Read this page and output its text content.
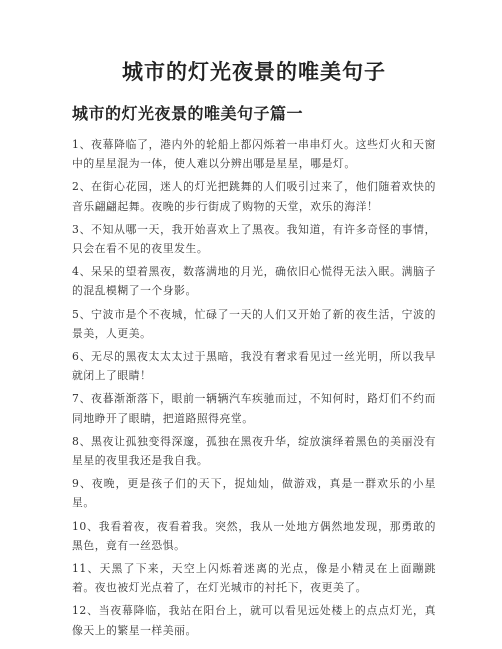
城市的灯光夜景的唯美句子
城市的灯光夜景的唯美句子篇一
1、夜幕降临了，港内外的轮船上都闪烁着一串串灯火。这些灯火和天窗中的星星混为一体，使人难以分辨出哪是星星，哪是灯。
2、在街心花园，迷人的灯光把跳舞的人们吸引过来了，他们随着欢快的音乐翩翩起舞。夜晚的步行街成了购物的天堂，欢乐的海洋！
3、不知从哪一天，我开始喜欢上了黑夜。我知道，有许多奇怪的事情，只会在看不见的夜里发生。
4、呆呆的望着黑夜，数落满地的月光，确依旧心慌得无法入眠。满脑子的混乱模糊了一个身影。
5、宁波市是个不夜城，忙碌了一天的人们又开始了新的夜生活，宁波的景美，人更美。
6、无尽的黑夜太太太过于黑暗，我没有奢求看见过一丝光明，所以我早就闭上了眼睛！
7、夜暮渐渐落下，眼前一辆辆汽车疾驰而过，不知何时，路灯们不约而同地睁开了眼睛，把道路照得亮堂。
8、黑夜让孤独变得深邃，孤独在黑夜升华，绽放演绎着黑色的美丽没有星星的夜里我还是我自我。
9、夜晚，更是孩子们的天下，捉灿灿，做游戏，真是一群欢乐的小星星。
10、我看着夜，夜看着我。突然，我从一处地方偶然地发现，那勇敢的黑色，竟有一丝恐惧。
11、天黑了下来，天空上闪烁着迷离的光点，像是小精灵在上面蹦跳着。夜也被灯光点着了，在灯光城市的衬托下，夜更美了。
12、当夜幕降临，我站在阳台上，就可以看见远处楼上的点点灯光，真像天上的繁星一样美丽。
